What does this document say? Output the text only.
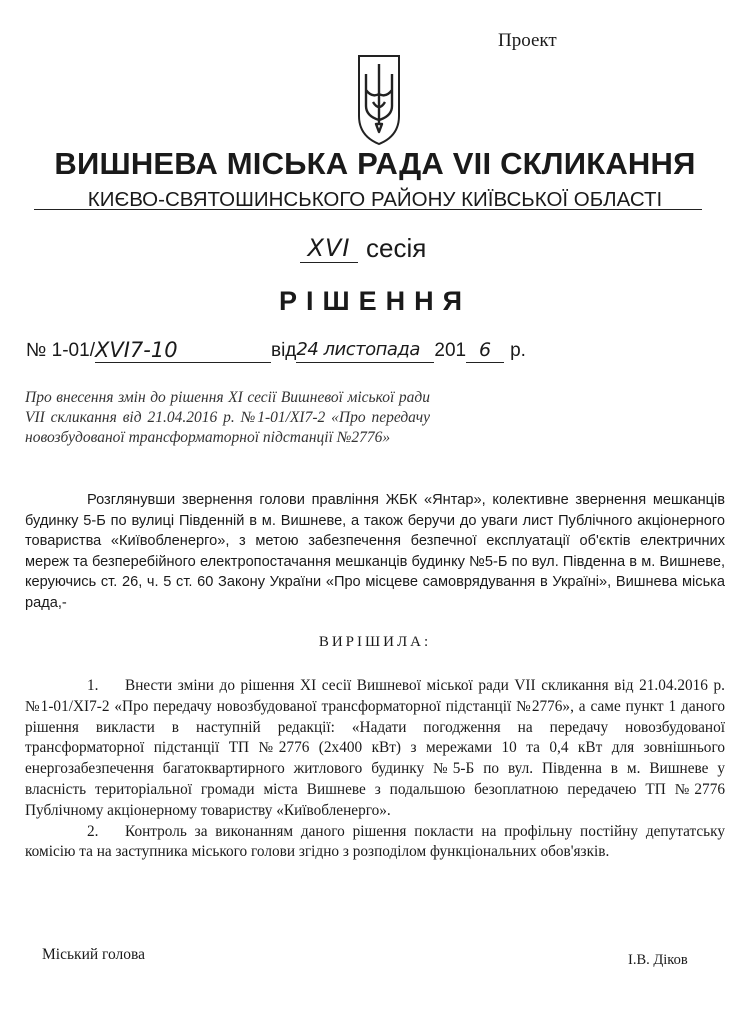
Проект
ВИШНЕВА МІСЬКА РАДА VII СКЛИКАННЯ
КИЄВО-СВЯТОШИНСЬКОГО РАЙОНУ КИЇВСЬКОЇ ОБЛАСТІ
XVI сесія
РІШЕННЯ
№ 1-01/XVI7-10	від24 листопада 201 6 р.
Про внесення змін до рішення XI сесії Вишневої міської ради VII скликання від 21.04.2016 р. №1-01/XI7-2 «Про передачу новозбудованої трансформаторної підстанції №2776»
Розглянувши звернення голови правління ЖБК «Янтар», колективне звернення мешканців будинку 5-Б по вулиці Південній в м. Вишневе, а також беручи до уваги лист Публічного акціонерного товариства «Київобленерго», з метою забезпечення безпечної експлуатації об'єктів електричних мереж та безперебійного електропостачання мешканців будинку №5-Б по вул. Південна в м. Вишневе, керуючись ст. 26, ч. 5 ст. 60 Закону України «Про місцеве самоврядування в Україні», Вишнева міська рада,-
ВИРІШИЛА:

1. Внести зміни до рішення XI сесії Вишневої міської ради VII скликання від 21.04.2016 р. №1-01/XI7-2 «Про передачу новозбудованої трансформаторної підстанції №2776», а саме пункт 1 даного рішення викласти в наступній редакції: «Надати погодження на передачу новозбудованої трансформаторної підстанції ТП №2776 (2х400 кВт) з мережами 10 та 0,4 кВт для зовнішнього енергозабезпечення багатоквартирного житлового будинку №5-Б по вул. Південна в м. Вишневе у власність територіальної громади міста Вишневе з подальшою безоплатною передачею ТП №2776 Публічному акціонерному товариству «Київобленерго».

2. Контроль за виконанням даного рішення покласти на профільну постійну депутатську комісію та на заступника міського голови згідно з розподілом функціональних обов'язків.

Міський голова	І.В. Діков
